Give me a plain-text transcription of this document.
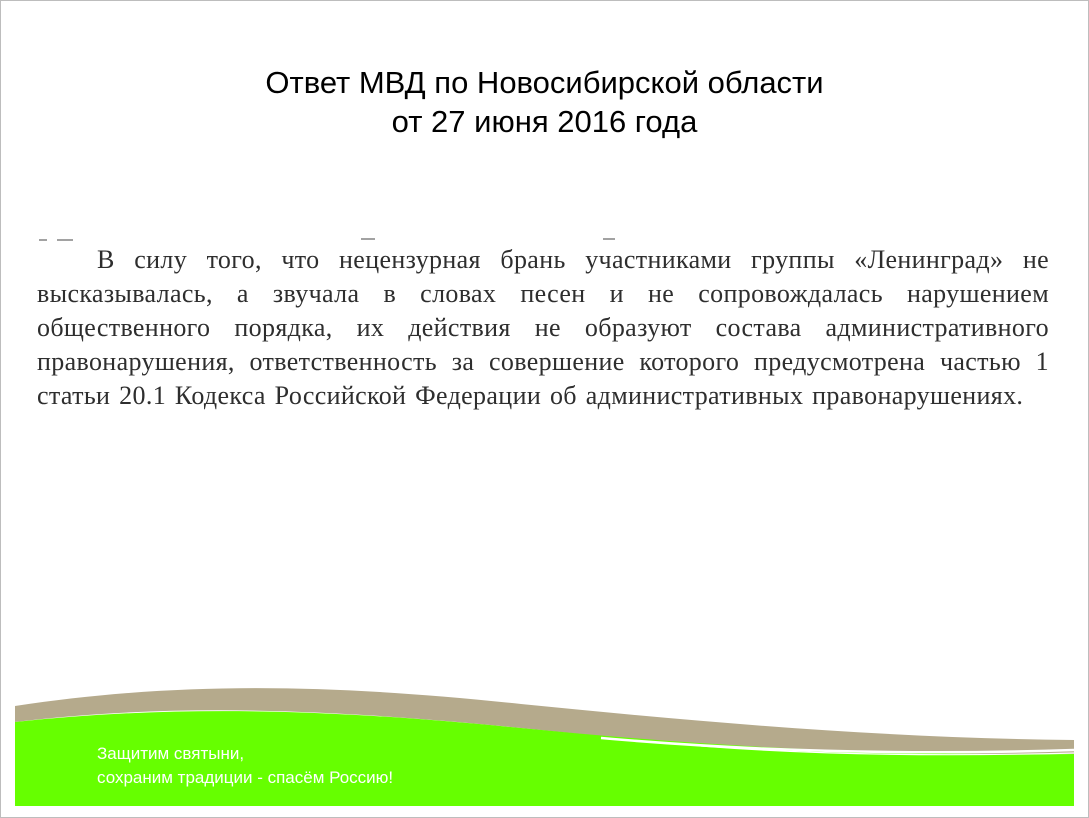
Ответ МВД по Новосибирской области
от 27 июня 2016 года

В силу того, что нецензурная брань участниками группы «Ленинград» не высказывалась, а звучала в словах песен и не сопровождалась нарушением общественного порядка, их действия не образуют состава административного правонарушения, ответственность за совершение которого предусмотрена частью 1 статьи 20.1 Кодекса Российской Федерации об административных правонарушениях.

Защитим святыни,
сохраним традиции - спасём Россию!
